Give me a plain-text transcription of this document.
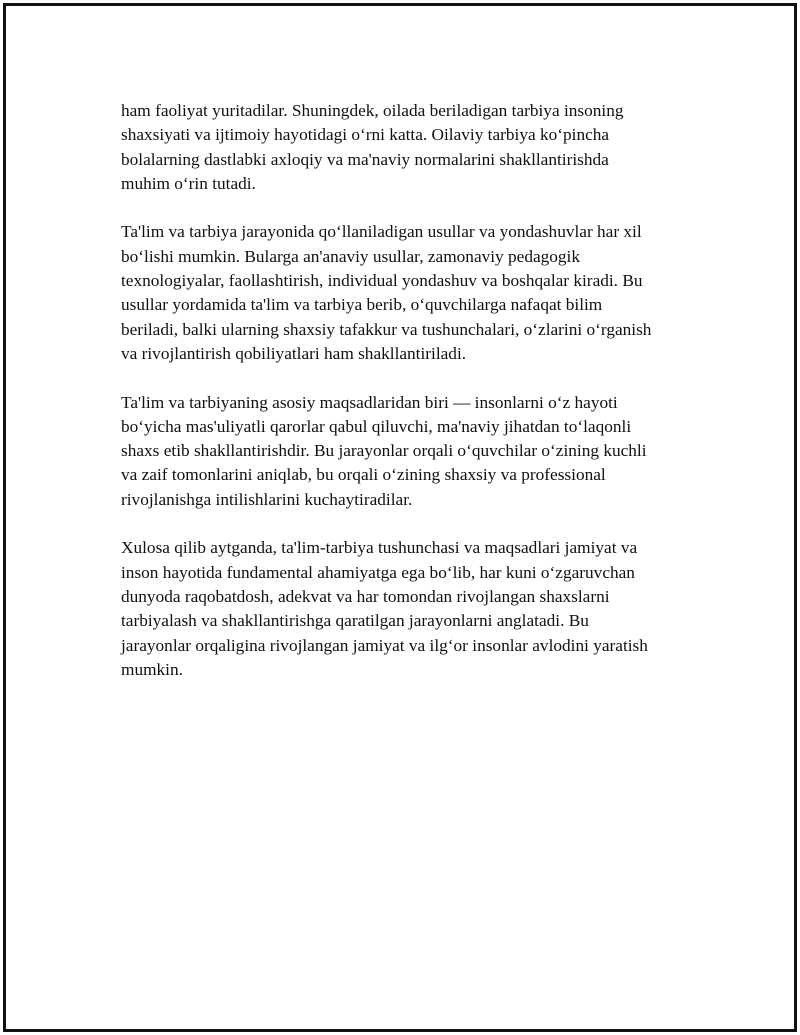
ham faoliyat yuritadilar. Shuningdek, oilada beriladigan tarbiya insoning
shaxsiyati va ijtimoiy hayotidagi oʻrni katta. Oilaviy tarbiya koʻpincha
bolalarning dastlabki axloqiy va ma'naviy normalarini shakllantirishda
muhim oʻrin tutadi.

Ta'lim va tarbiya jarayonida qoʻllaniladigan usullar va yondashuvlar har xil
boʻlishi mumkin. Bularga an'anaviy usullar, zamonaviy pedagogik
texnologiyalar, faollashtirish, individual yondashuv va boshqalar kiradi. Bu
usullar yordamida ta'lim va tarbiya berib, oʻquvchilarga nafaqat bilim
beriladi, balki ularning shaxsiy tafakkur va tushunchalari, oʻzlarini oʻrganish
va rivojlantirish qobiliyatlari ham shakllantiriladi.

Ta'lim va tarbiyaning asosiy maqsadlaridan biri — insonlarni oʻz hayoti
boʻyicha mas'uliyatli qarorlar qabul qiluvchi, ma'naviy jihatdan toʻlaqonli
shaxs etib shakllantirishdir. Bu jarayonlar orqali oʻquvchilar oʻzining kuchli
va zaif tomonlarini aniqlab, bu orqali oʻzining shaxsiy va professional
rivojlanishga intilishlarini kuchaytiradilar.

Xulosa qilib aytganda, ta'lim-tarbiya tushunchasi va maqsadlari jamiyat va
inson hayotida fundamental ahamiyatga ega boʻlib, har kuni oʻzgaruvchan
dunyoda raqobatdosh, adekvat va har tomondan rivojlangan shaxslarni
tarbiyalash va shakllantirishga qaratilgan jarayonlarni anglatadi. Bu
jarayonlar orqaligina rivojlangan jamiyat va ilgʻor insonlar avlodini yaratish
mumkin.
